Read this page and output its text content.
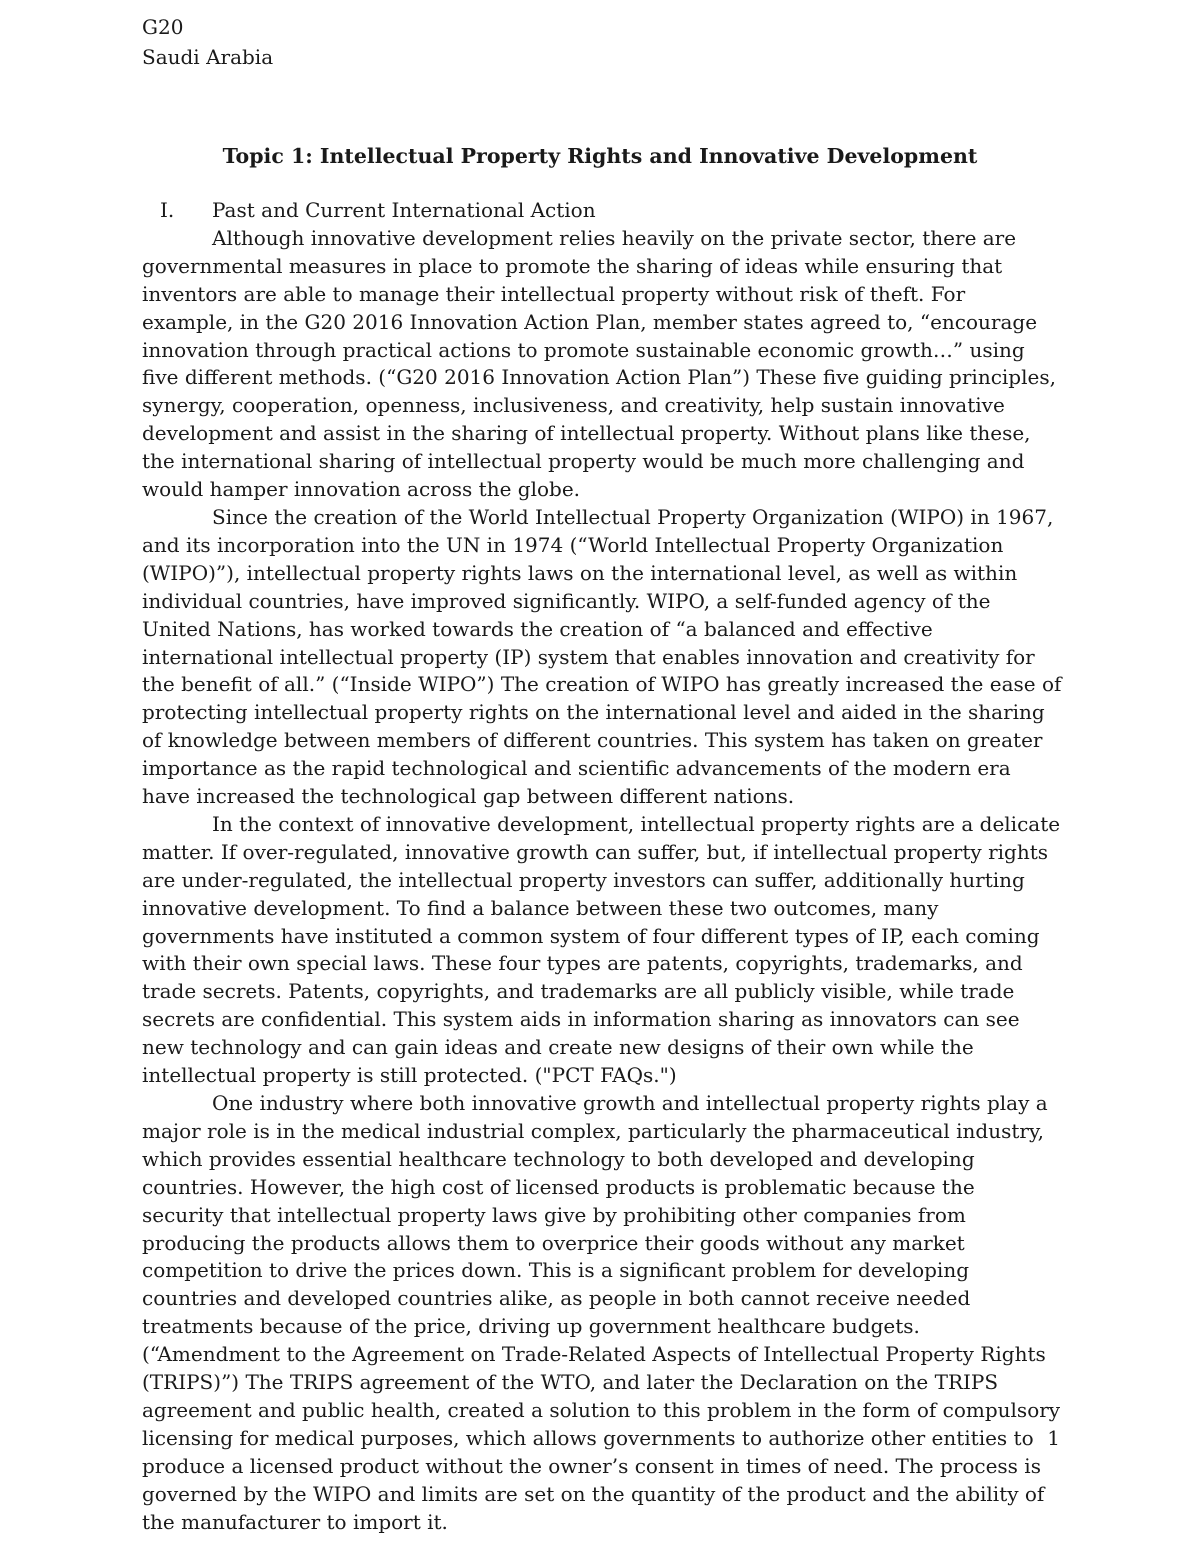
G20
Saudi Arabia
Topic 1: Intellectual Property Rights and Innovative Development
I.	Past and Current International Action

Although innovative development relies heavily on the private sector, there are governmental measures in place to promote the sharing of ideas while ensuring that inventors are able to manage their intellectual property without risk of theft. For example, in the G20 2016 Innovation Action Plan, member states agreed to, “encourage innovation through practical actions to promote sustainable economic growth…” using five different methods. (“G20 2016 Innovation Action Plan”) These five guiding principles, synergy, cooperation, openness, inclusiveness, and creativity, help sustain innovative development and assist in the sharing of intellectual property. Without plans like these, the international sharing of intellectual property would be much more challenging and would hamper innovation across the globe.

Since the creation of the World Intellectual Property Organization (WIPO) in 1967, and its incorporation into the UN in 1974 (“World Intellectual Property Organization (WIPO)”), intellectual property rights laws on the international level, as well as within individual countries, have improved significantly. WIPO, a self-funded agency of the United Nations, has worked towards the creation of “a balanced and effective international intellectual property (IP) system that enables innovation and creativity for the benefit of all.” (“Inside WIPO”) The creation of WIPO has greatly increased the ease of protecting intellectual property rights on the international level and aided in the sharing of knowledge between members of different countries. This system has taken on greater importance as the rapid technological and scientific advancements of the modern era have increased the technological gap between different nations.

In the context of innovative development, intellectual property rights are a delicate matter. If over-regulated, innovative growth can suffer, but, if intellectual property rights are under-regulated, the intellectual property investors can suffer, additionally hurting innovative development. To find a balance between these two outcomes, many governments have instituted a common system of four different types of IP, each coming with their own special laws. These four types are patents, copyrights, trademarks, and trade secrets. Patents, copyrights, and trademarks are all publicly visible, while trade secrets are confidential. This system aids in information sharing as innovators can see new technology and can gain ideas and create new designs of their own while the intellectual property is still protected. ("PCT FAQs.")

One industry where both innovative growth and intellectual property rights play a major role is in the medical industrial complex, particularly the pharmaceutical industry, which provides essential healthcare technology to both developed and developing countries. However, the high cost of licensed products is problematic because the security that intellectual property laws give by prohibiting other companies from producing the products allows them to overprice their goods without any market competition to drive the prices down. This is a significant problem for developing countries and developed countries alike, as people in both cannot receive needed treatments because of the price, driving up government healthcare budgets. (“Amendment to the Agreement on Trade-Related Aspects of Intellectual Property Rights (TRIPS)”) The TRIPS agreement of the WTO, and later the Declaration on the TRIPS agreement and public health, created a solution to this problem in the form of compulsory licensing for medical purposes, which allows governments to authorize other entities to produce a licensed product without the owner’s consent in times of need. The process is governed by the WIPO and limits are set on the quantity of the product and the ability of the manufacturer to import it.

1
